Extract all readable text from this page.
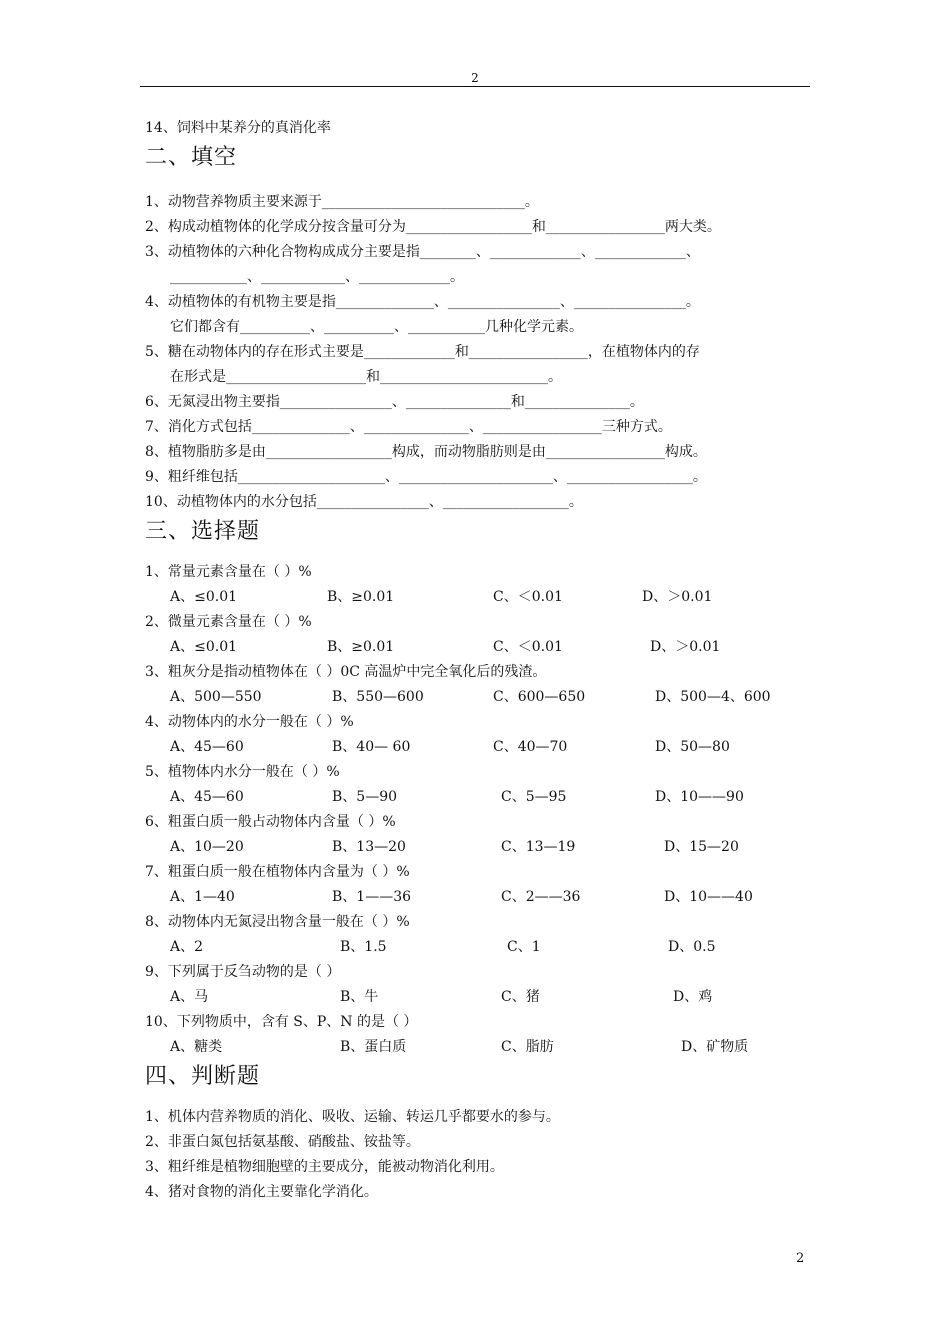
2
14、饲料中某养分的真消化率
二、填空
1、动物营养物质主要来源于_____________________________。
2、构成动植物体的化学成分按含量可分为__________________和_________________两大类。
3、动植物体的六种化合物构成成分主要是指________、_____________、_____________、
___________、____________、_____________。
4、动植物体的有机物主要是指______________、________________、________________。
它们都含有__________、__________、___________几种化学元素。
5、糖在动物体内的存在形式主要是_____________和_________________，在植物体内的存
在形式是____________________和________________________。
6、无氮浸出物主要指________________、_______________和_______________。
7、消化方式包括______________、_______________、_________________三种方式。
8、植物脂肪多是由__________________构成，而动物脂肪则是由_________________构成。
9、粗纤维包括_____________________、______________________、__________________。
10、动植物体内的水分包括________________、__________________。
三、选择题
1、常量元素含量在（ ）%
A、≤0.01	B、≥0.01	C、＜0.01	D、＞0.01
2、微量元素含量在（ ）%
A、≤0.01	B、≥0.01	C、＜0.01	D、＞0.01
3、粗灰分是指动植物体在（ ）0C 高温炉中完全氧化后的残渣。
A、500—550	B、550—600	C、600—650	D、500—4、600
4、动物体内的水分一般在（ ）%
A、45—60	B、40— 60	C、40—70	D、50—80
5、植物体内水分一般在（ ）%
A、45—60	B、5—90	C、5—95	D、10——90
6、粗蛋白质一般占动物体内含量（ ）%
A、10—20	B、13—20	C、13—19	D、15—20
7、粗蛋白质一般在植物体内含量为（ ）%
A、1—40	B、1——36	C、2——36	D、10——40
8、动物体内无氮浸出物含量一般在（ ）%
A、2	B、1.5	C、1	D、0.5
9、下列属于反刍动物的是（ ）
A、马	B、牛	C、猪	D、鸡
10、下列物质中，含有 S、P、N 的是（ ）
A、糖类	B、蛋白质	C、脂肪	D、矿物质
四、判断题
1、机体内营养物质的消化、吸收、运输、转运几乎都要水的参与。
2、非蛋白氮包括氨基酸、硝酸盐、铵盐等。
3、粗纤维是植物细胞壁的主要成分，能被动物消化利用。
4、猪对食物的消化主要靠化学消化。
2
